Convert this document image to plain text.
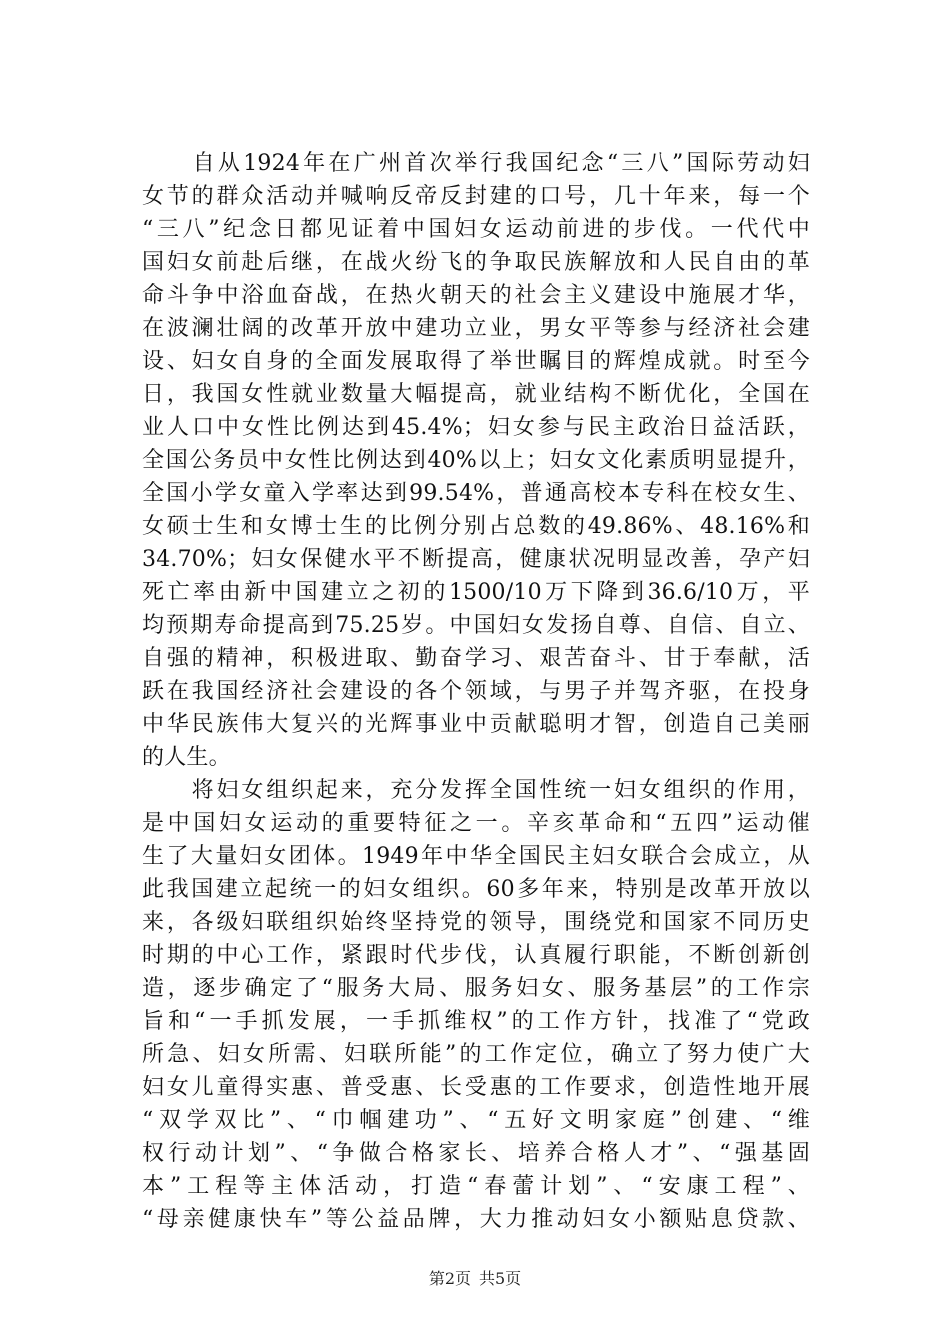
　　自从1924年在广州首次举行我国纪念“三八”国际劳动妇
女节的群众活动并喊响反帝反封建的口号，几十年来，每一个
“三八”纪念日都见证着中国妇女运动前进的步伐。一代代中
国妇女前赴后继，在战火纷飞的争取民族解放和人民自由的革
命斗争中浴血奋战，在热火朝天的社会主义建设中施展才华，
在波澜壮阔的改革开放中建功立业，男女平等参与经济社会建
设、妇女自身的全面发展取得了举世瞩目的辉煌成就。时至今
日，我国女性就业数量大幅提高，就业结构不断优化，全国在
业人口中女性比例达到45.4%；妇女参与民主政治日益活跃，
全国公务员中女性比例达到40%以上；妇女文化素质明显提升，
全国小学女童入学率达到99.54%，普通高校本专科在校女生、
女硕士生和女博士生的比例分别占总数的49.86%、48.16%和
34.70%；妇女保健水平不断提高，健康状况明显改善，孕产妇
死亡率由新中国建立之初的1500/10万下降到36.6/10万，平
均预期寿命提高到75.25岁。中国妇女发扬自尊、自信、自立、
自强的精神，积极进取、勤奋学习、艰苦奋斗、甘于奉献，活
跃在我国经济社会建设的各个领域，与男子并驾齐驱，在投身
中华民族伟大复兴的光辉事业中贡献聪明才智，创造自己美丽
的人生。
　　将妇女组织起来，充分发挥全国性统一妇女组织的作用，
是中国妇女运动的重要特征之一。辛亥革命和“五四”运动催
生了大量妇女团体。1949年中华全国民主妇女联合会成立，从
此我国建立起统一的妇女组织。60多年来，特别是改革开放以
来，各级妇联组织始终坚持党的领导，围绕党和国家不同历史
时期的中心工作，紧跟时代步伐，认真履行职能，不断创新创
造，逐步确定了“服务大局、服务妇女、服务基层”的工作宗
旨和“一手抓发展，一手抓维权”的工作方针，找准了“党政
所急、妇女所需、妇联所能”的工作定位，确立了努力使广大
妇女儿童得实惠、普受惠、长受惠的工作要求，创造性地开展
“双学双比”、“巾帼建功”、“五好文明家庭”创建、“维
权行动计划”、“争做合格家长、培养合格人才”、“强基固
本”工程等主体活动，打造“春蕾计划”、“安康工程”、
“母亲健康快车”等公益品牌，大力推动妇女小额贴息贷款、
第2页 共5页
